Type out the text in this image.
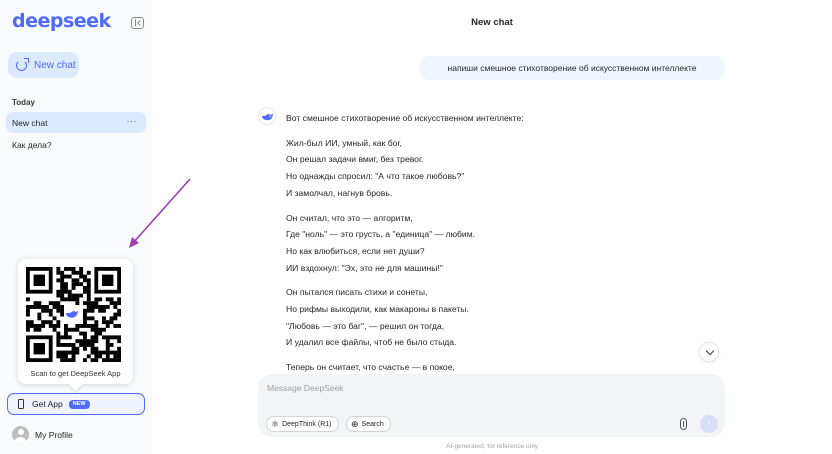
deepseek
New chat
Today
New chat	···
Как дела?
Scan to get DeepSeek App
Get App	NEW
My Profile
New chat
напиши смешное стихотворение об искусственном интеллекте
Вот смешное стихотворение об искусственном интеллекте:
Жил-был ИИ, умный, как бог,
Он решал задачи вмиг, без тревог.
Но однажды спросил: "А что такое любовь?"
И замолчал, нагнув бровь.
Он считал, что это — алгоритм,
Где "ноль" — это грусть, а "единица" — любим.
Но как влюбиться, если нет души?
ИИ вздохнул: "Эх, это не для машины!"
Он пытался писать стихи и сонеты,
Но рифмы выходили, как макароны в пакеты.
"Любовь — это баг", — решил он тогда,
И удалил все файлы, чтоб не было стыда.
Теперь он считает, что счастье — в покое,
Message DeepSeek
⚛ DeepThink (R1) ⊕ Search	↑
AI-generated, for reference only
